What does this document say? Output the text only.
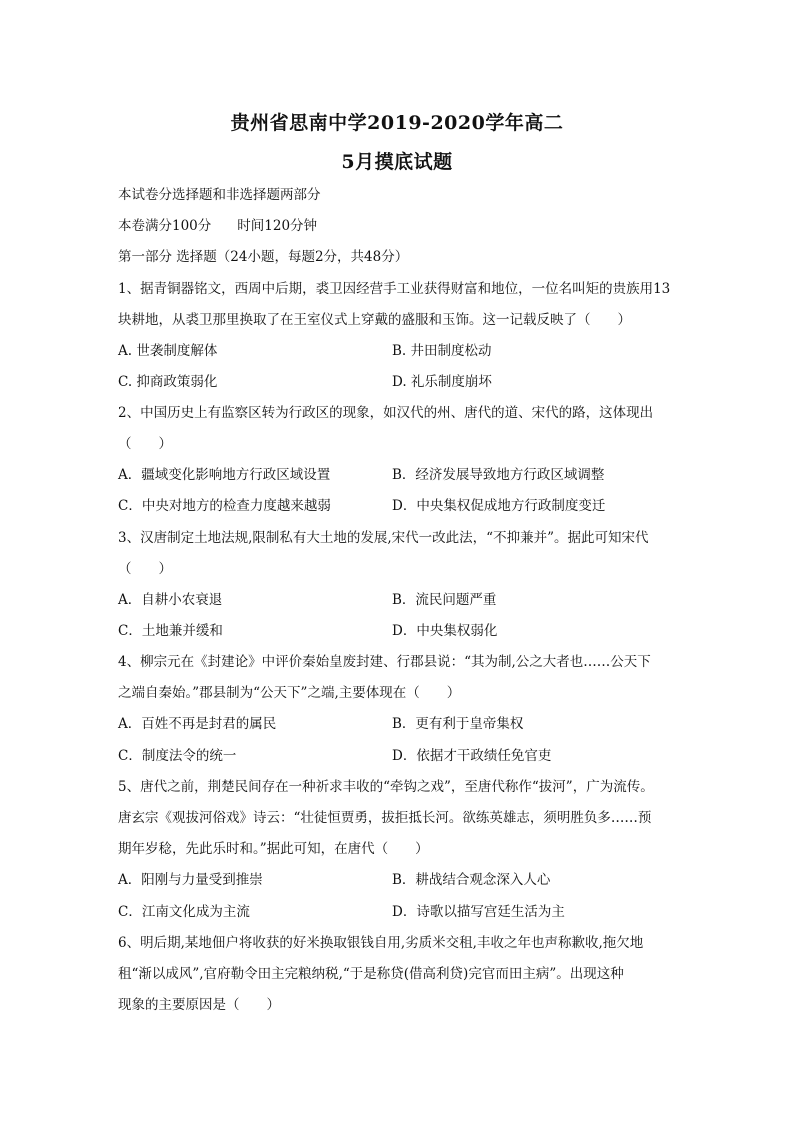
贵州省思南中学2019-2020学年高二
5月摸底试题
本试卷分选择题和非选择题两部分
本卷满分100分 时间120分钟
第一部分 选择题（24小题，每题2分，共48分）
1、据青铜器铭文，西周中后期，裘卫因经营手工业获得财富和地位，一位名叫矩的贵族用13
块耕地，从裘卫那里换取了在王室仪式上穿戴的盛服和玉饰。这一记载反映了（　　）
A. 世袭制度解体	B. 井田制度松动
C. 抑商政策弱化	D. 礼乐制度崩坏
2、中国历史上有监察区转为行政区的现象，如汉代的州、唐代的道、宋代的路，这体现出
（　　）
A．疆域变化影响地方行政区域设置	B．经济发展导致地方行政区域调整
C．中央对地方的检查力度越来越弱	D．中央集权促成地方行政制度变迁
3、汉唐制定土地法规,限制私有大土地的发展,宋代一改此法，“不抑兼并”。据此可知宋代
（　　）
A．自耕小农衰退	B．流民问题严重
C．土地兼并缓和	D．中央集权弱化
4、柳宗元在《封建论》中评价秦始皇废封建、行郡县说：“其为制,公之大者也……公天下
之端自秦始。”郡县制为“公天下”之端,主要体现在（　　）
A．百姓不再是封君的属民	B．更有利于皇帝集权
C．制度法令的统一	D．依据才干政绩任免官吏
5、唐代之前，荆楚民间存在一种祈求丰收的“牵钩之戏”，至唐代称作“拔河”，广为流传。
唐玄宗《观拔河俗戏》诗云：“壮徒恒贾勇，拔拒抵长河。欲练英雄志，须明胜负多……预
期年岁稔，先此乐时和。”据此可知，在唐代（　　）
A．阳刚与力量受到推崇	B．耕战结合观念深入人心
C．江南文化成为主流	D．诗歌以描写宫廷生活为主
6、明后期,某地佃户将收获的好米换取银钱自用,劣质米交租,丰收之年也声称歉收,拖欠地
租“渐以成风”,官府勒令田主完粮纳税,“于是称贷(借高利贷)完官而田主病”。出现这种
现象的主要原因是（　　）
